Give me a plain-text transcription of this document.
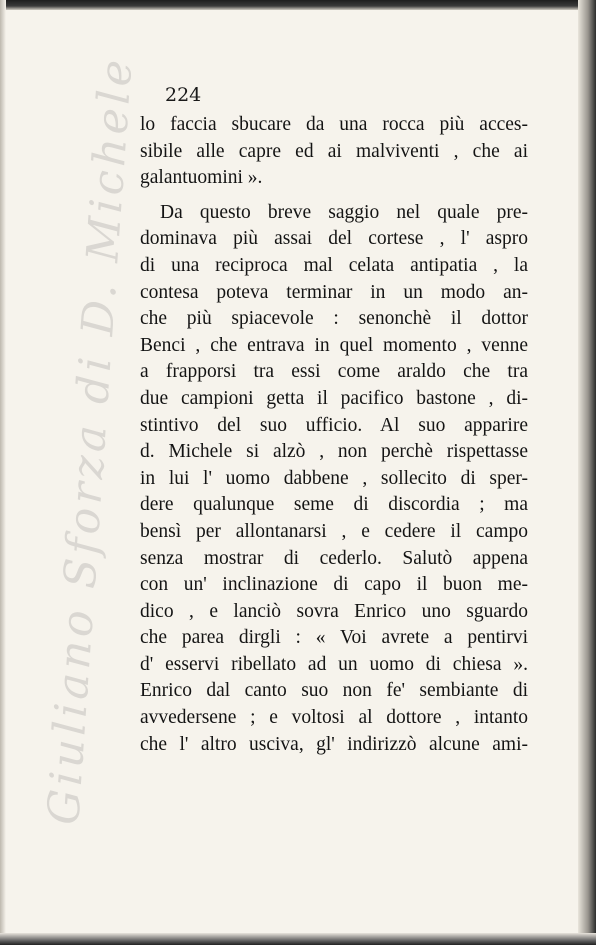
Giuliano Sforza di D. Michele 224

lo faccia sbucare da una rocca più acces-
sibile alle capre ed ai malviventi , che ai
galantuomini ».
Da questo breve saggio nel quale pre-
dominava più assai del cortese , l' aspro
di una reciproca mal celata antipatia , la
contesa poteva terminar in un modo an-
che più spiacevole : senonchè il dottor
Benci , che entrava in quel momento , venne
a frapporsi tra essi come araldo che tra
due campioni getta il pacifico bastone , di-
stintivo del suo ufficio. Al suo apparire
d. Michele si alzò , non perchè rispettasse
in lui l' uomo dabbene , sollecito di sper-
dere qualunque seme di discordia ; ma
bensì per allontanarsi , e cedere il campo
senza mostrar di cederlo. Salutò appena
con un' inclinazione di capo il buon me-
dico , e lanciò sovra Enrico uno sguardo
che parea dirgli : « Voi avrete a pentirvi
d' esservi ribellato ad un uomo di chiesa ».
Enrico dal canto suo non fe' sembiante di
avvedersene ; e voltosi al dottore , intanto
che l' altro usciva, gl' indirizzò alcune ami-
